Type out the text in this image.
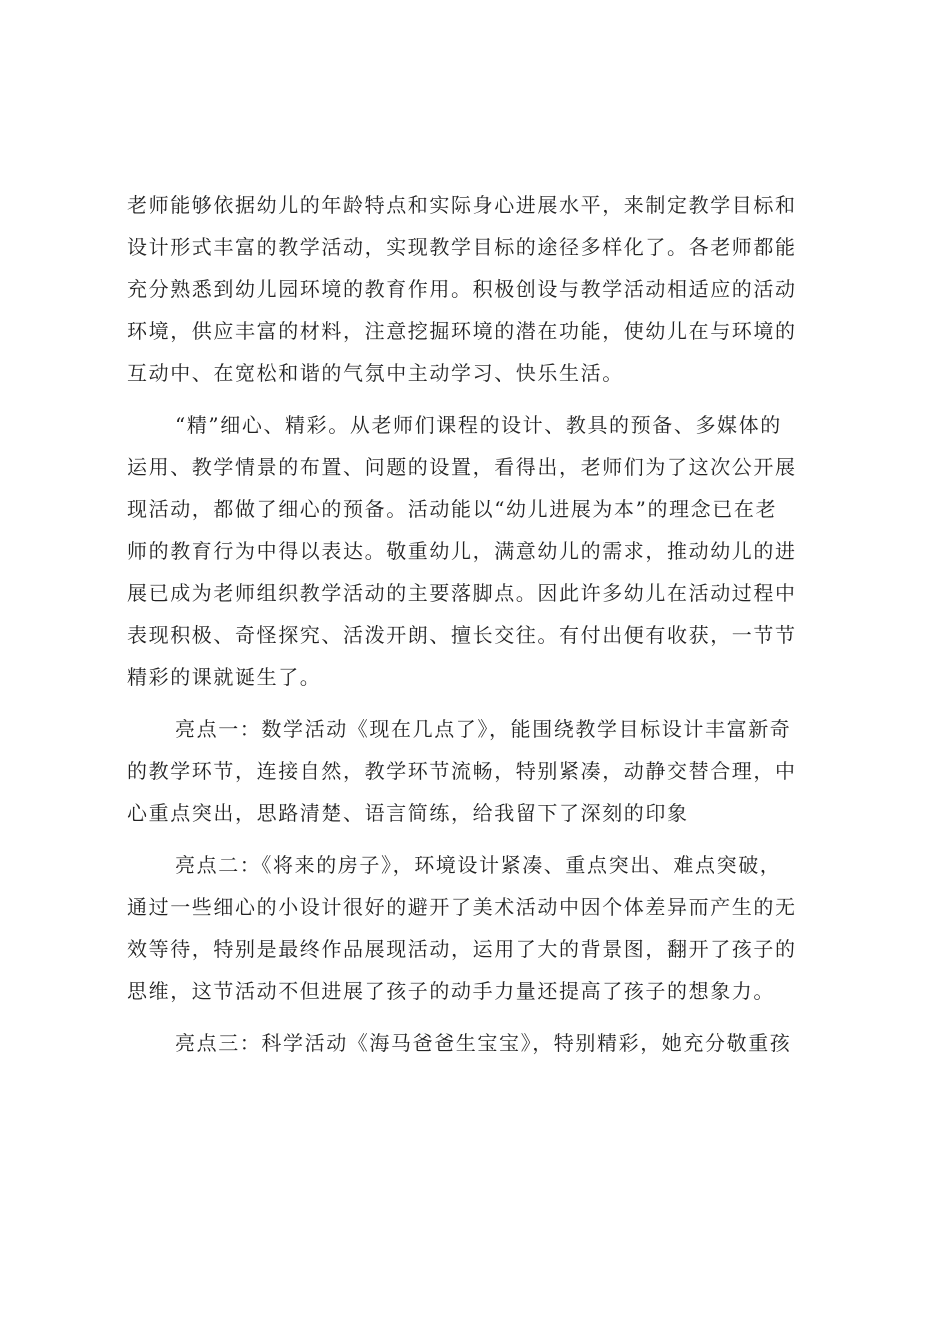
老师能够依据幼儿的年龄特点和实际身心进展水平，来制定教学目标和
设计形式丰富的教学活动，实现教学目标的途径多样化了。各老师都能
充分熟悉到幼儿园环境的教育作用。积极创设与教学活动相适应的活动
环境，供应丰富的材料，注意挖掘环境的潜在功能，使幼儿在与环境的
互动中、在宽松和谐的气氛中主动学习、快乐生活。
“精”细心、精彩。从老师们课程的设计、教具的预备、多媒体的
运用、教学情景的布置、问题的设置，看得出，老师们为了这次公开展
现活动，都做了细心的预备。活动能以“幼儿进展为本”的理念已在老
师的教育行为中得以表达。敬重幼儿，满意幼儿的需求，推动幼儿的进
展已成为老师组织教学活动的主要落脚点。因此许多幼儿在活动过程中
表现积极、奇怪探究、活泼开朗、擅长交往。有付出便有收获，一节节
精彩的课就诞生了。
亮点一：数学活动《现在几点了》，能围绕教学目标设计丰富新奇
的教学环节，连接自然，教学环节流畅，特别紧凑，动静交替合理，中
心重点突出，思路清楚、语言简练，给我留下了深刻的印象
亮点二：《将来的房子》，环境设计紧凑、重点突出、难点突破，
通过一些细心的小设计很好的避开了美术活动中因个体差异而产生的无
效等待，特别是最终作品展现活动，运用了大的背景图，翻开了孩子的
思维，这节活动不但进展了孩子的动手力量还提高了孩子的想象力。
亮点三：科学活动《海马爸爸生宝宝》，特别精彩，她充分敬重孩
